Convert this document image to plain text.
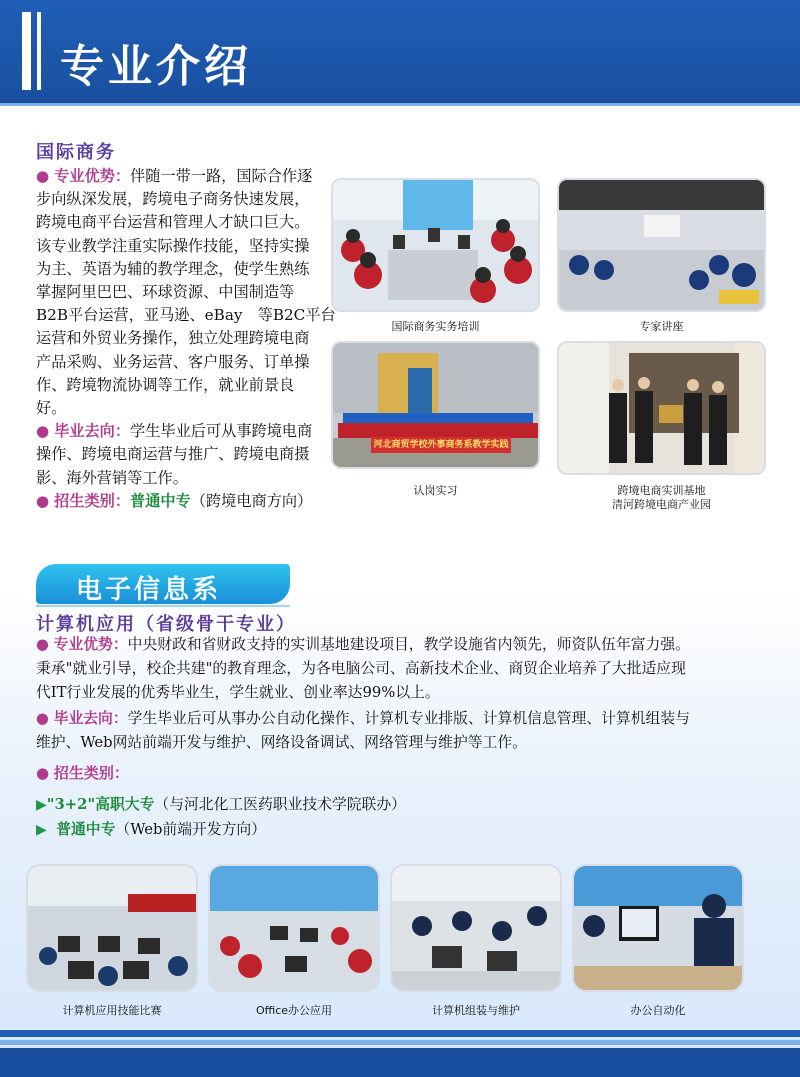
专业介绍
国际商务
● 专业优势：伴随一带一路，国际合作逐
步向纵深发展，跨境电子商务快速发展，
跨境电商平台运营和管理人才缺口巨大。
该专业教学注重实际操作技能，坚持实操
为主、英语为辅的教学理念，使学生熟练
掌握阿里巴巴、环球资源、中国制造等
B2B平台运营，亚马逊、eBay　等B2C平台
运营和外贸业务操作，独立处理跨境电商
产品采购、业务运营、客户服务、订单操
作、跨境物流协调等工作，就业前景良
好。
● 毕业去向：学生毕业后可从事跨境电商
操作、跨境电商运营与推广、跨境电商摄
影、海外营销等工作。
● 招生类别：普通中专（跨境电商方向）
国际商务实务培训	专家讲座
河北商贸学校外事商务系教学实践
认岗实习	跨境电商实训基地
清河跨境电商产业园
电子信息系
计算机应用（省级骨干专业）
● 专业优势：中央财政和省财政支持的实训基地建设项目，教学设施省内领先，师资队伍年富力强。
秉承"就业引导，校企共建"的教育理念，为各电脑公司、高新技术企业、商贸企业培养了大批适应现
代IT行业发展的优秀毕业生，学生就业、创业率达99%以上。
● 毕业去向：学生毕业后可从事办公自动化操作、计算机专业排版、计算机信息管理、计算机组装与
维护、Web网站前端开发与维护、网络设备调试、网络管理与维护等工作。
● 招生类别：
▶"3+2"高职大专（与河北化工医药职业技术学院联办）
▶ 普通中专（Web前端开发方向）
计算机应用技能比赛	Office办公应用	计算机组装与维护	办公自动化
